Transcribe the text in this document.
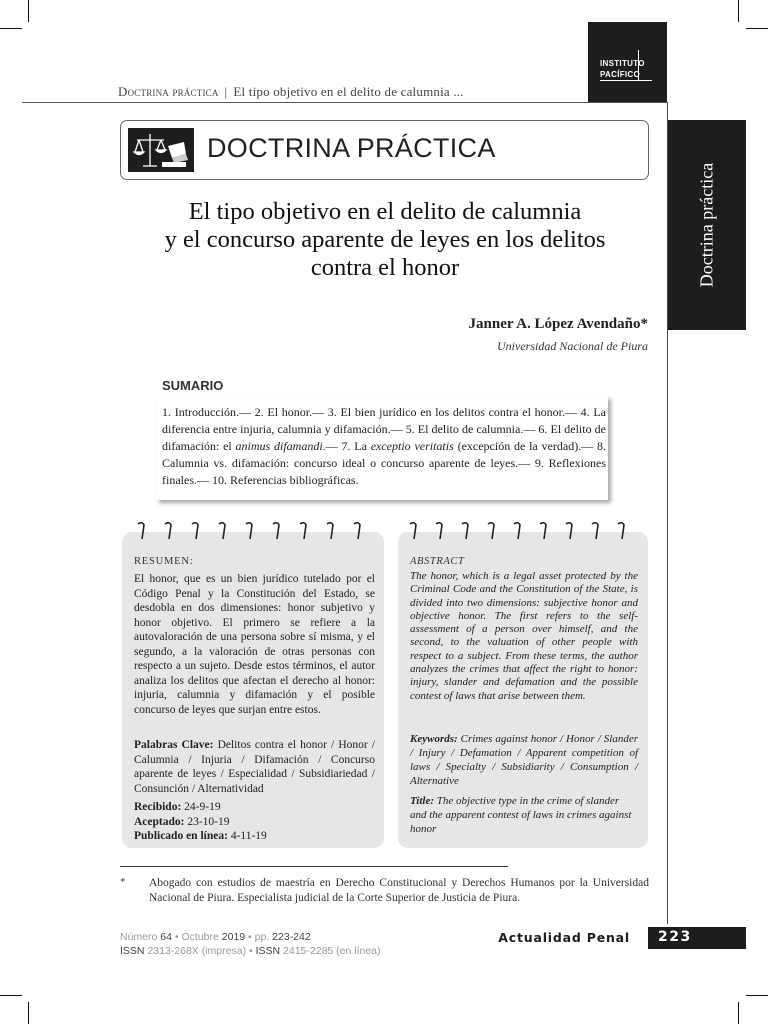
INSTITUTO
PACÍFICO
Doctrina práctica | El tipo objetivo en el delito de calumnia ...
Doctrina práctica
DOCTRINA PRÁCTICA
El tipo objetivo en el delito de calumnia
y el concurso aparente de leyes en los delitos
contra el honor
Janner A. López Avendaño*
Universidad Nacional de Piura
SUMARIO
1. Introducción.— 2. El honor.— 3. El bien jurídico en los delitos contra el honor.— 4. La diferencia entre injuria, calumnia y difamación.— 5. El delito de calumnia.— 6. El delito de difamación: el animus difamandi.— 7. La exceptio veritatis (excepción de la verdad).— 8. Calumnia vs. difamación: concurso ideal o concurso aparente de leyes.— 9. Reflexiones finales.— 10. Referencias bibliográficas.
RESUMEN:
El honor, que es un bien jurídico tutelado por el Código Penal y la Constitución del Estado, se desdobla en dos dimensiones: honor subjetivo y honor objetivo. El primero se refiere a la autovaloración de una persona sobre sí misma, y el segundo, a la valoración de otras personas con respecto a un sujeto. Desde estos términos, el autor analiza los delitos que afectan el derecho al honor: injuria, calumnia y difamación y el posible concurso de leyes que surjan entre estos.
Palabras Clave: Delitos contra el honor / Honor / Calumnia / Injuria / Difamación / Concurso aparente de leyes / Especialidad / Subsidiariedad / Consunción / Alternatividad
Recibido: 24-9-19
Aceptado: 23-10-19
Publicado en línea: 4-11-19
ABSTRACT
The honor, which is a legal asset protected by the Criminal Code and the Constitution of the State, is divided into two dimensions: subjective honor and objective honor. The first refers to the self-assessment of a person over himself, and the second, to the valuation of other people with respect to a subject. From these terms, the author analyzes the crimes that affect the right to honor: injury, slander and defamation and the possible contest of laws that arise between them.
Keywords: Crimes against honor / Honor / Slander / Injury / Defamation / Apparent competition of laws / Specialty / Subsidiarity / Consumption / Alternative
Title: The objective type in the crime of slander and the apparent contest of laws in crimes against honor
* Abogado con estudios de maestría en Derecho Constitucional y Derechos Humanos por la Universidad Nacional de Piura. Especialista judicial de la Corte Superior de Justicia de Piura.
Número 64 • Octubre 2019 • pp. 223-242
ISSN 2313-268X (impresa) • ISSN 2415-2285 (en línea)
Actualidad Penal 223
